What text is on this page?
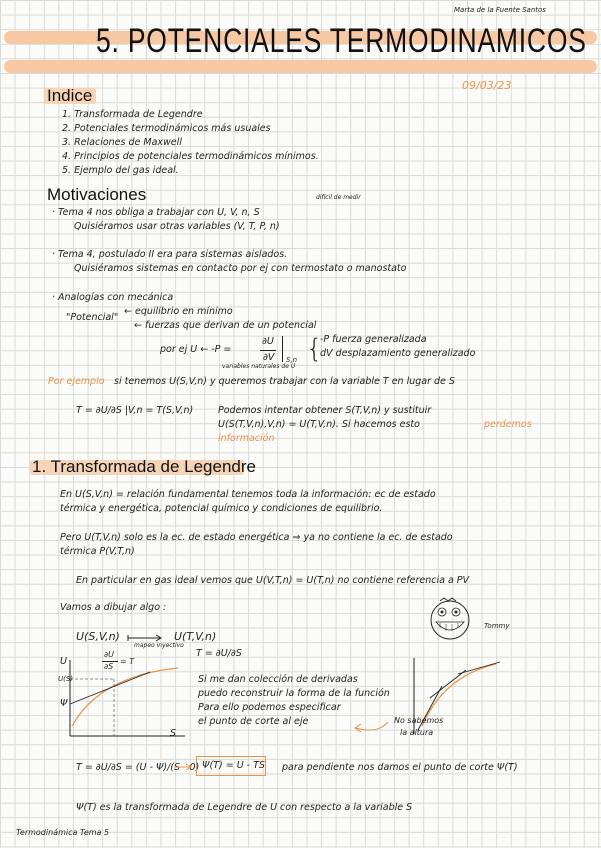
Marta de la Fuente Santos
5. POTENCIALES TERMODINAMICOS
09/03/23
Indice
1. Transformada de Legendre
2. Potenciales termodinámicos más usuales
3. Relaciones de Maxwell
4. Principios de potenciales termodinámicos mínimos.
5. Ejemplo del gas ideal.
Motivaciones
· Tema 4 nos obliga a trabajar con U, V, n, S
difícil de medir
Quisiéramos usar otras variables (V, T, P, n)
· Tema 4, postulado II era para sistemas aislados.
Quisiéramos sistemas en contacto por ej con termostato o manostato
· Analogías con mecánica
"Potencial"
← equilibrio en mínimo
← fuerzas que derivan de un potencial
por ej U ← -P =
∂U
∂V S,n
variables naturales de U
{
-P fuerza generalizada
dV desplazamiento generalizado
Por ejemplo si tenemos U(S,V,n) y queremos trabajar con la variable T en lugar de S
T = ∂U/∂S |V,n = T(S,V,n)	Podemos intentar obtener S(T,V,n) y sustituir
U(S(T,V,n),V,n) = U(T,V,n). Si hacemos esto	perdemos
información
1. Transformada de Legendre
En U(S,V,n) = relación fundamental tenemos toda la información: ec de estado
térmica y energética, potencial químico y condiciones de equilibrio.
Pero U(T,V,n) solo es la ec. de estado energética ⇒ ya no contiene la ec. de estado
térmica P(V,T,n)
En particular en gas ideal vemos que U(V,T,n) = U(T,n) no contiene referencia a PV
Vamos a dibujar algo :
U(S,V,n)
mapeo inyectivo
U(T,V,n)
T = ∂U/∂S
Tommy
U
U(S)
Ψ
S
∂U
∂S
= T
Si me dan colección de derivadas
puedo reconstruir la forma de la función
Para ello podemos especificar
el punto de corte al eje	No sabemos
la altura
T = ∂U/∂S = (U - Ψ)/(S - 0) Ψ(T) = U - TS para pendiente nos damos el punto de corte Ψ(T)
Ψ(T) es la transformada de Legendre de U con respecto a la variable S
Termodinámica Tema 5
